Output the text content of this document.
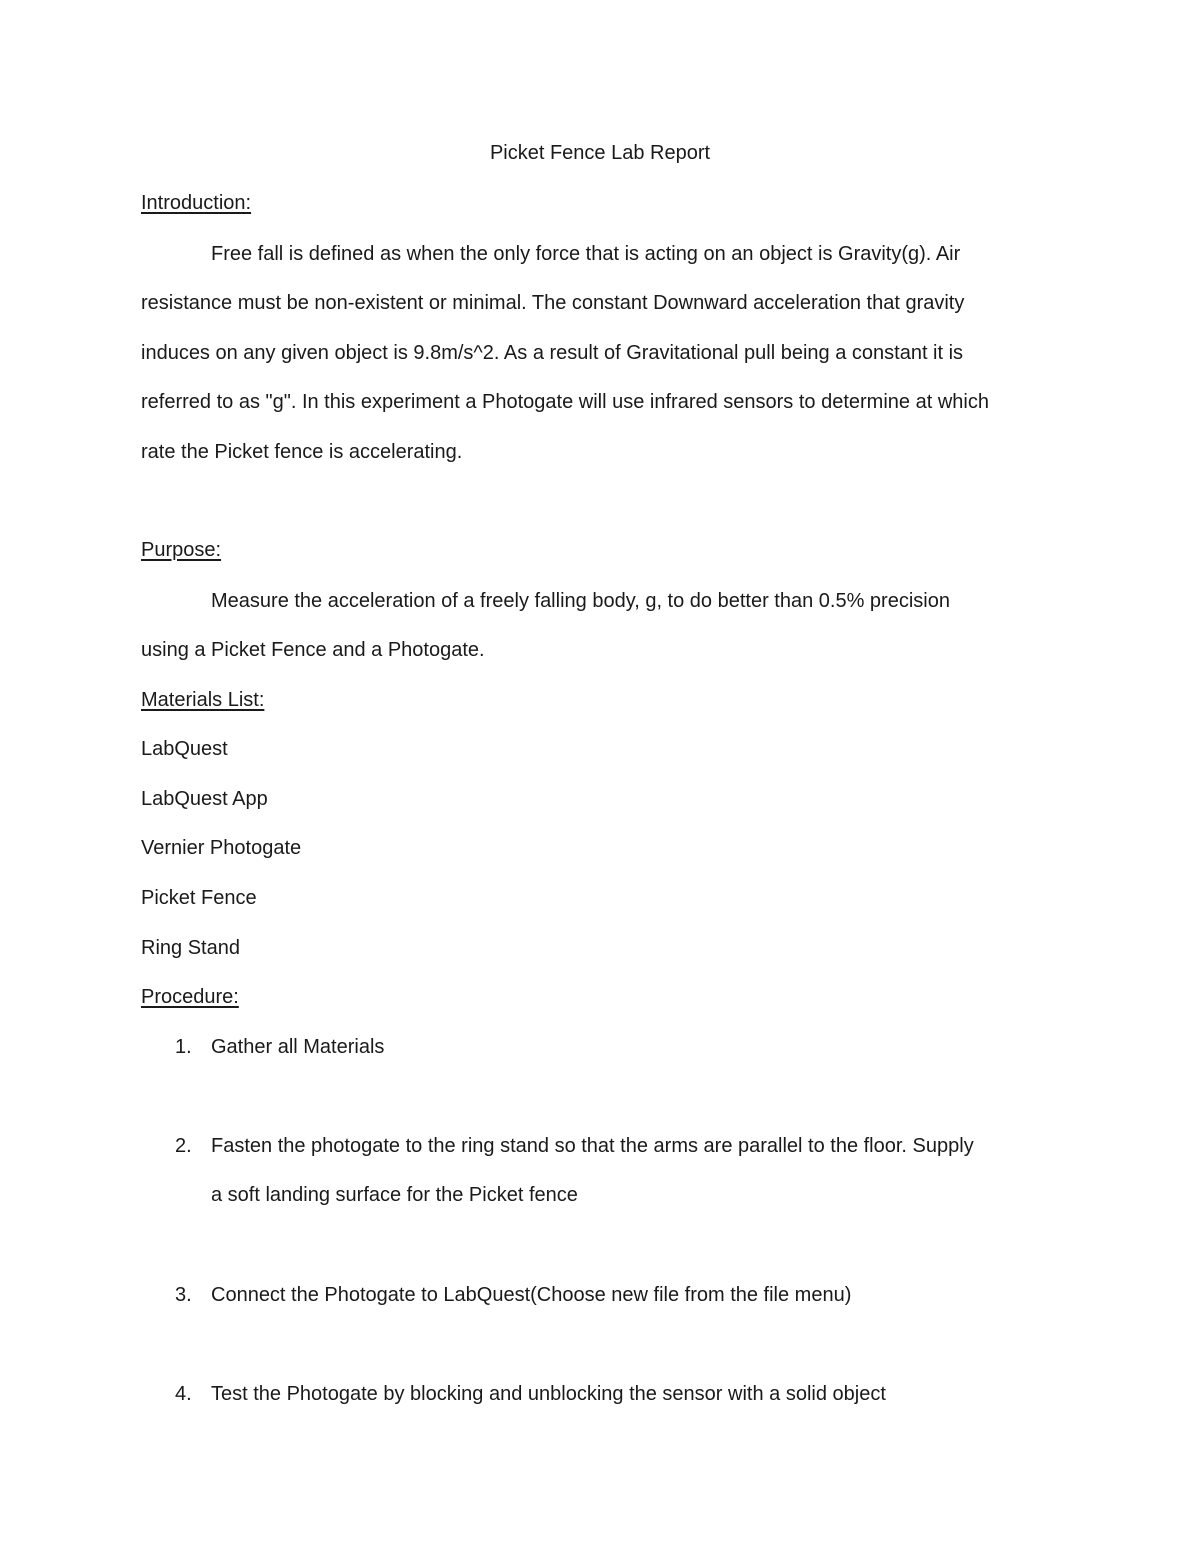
Picket Fence Lab Report
Introduction:
Free fall is defined as when the only force that is acting on an object is Gravity(g). Air
resistance must be non-existent or minimal. The constant Downward acceleration that gravity
induces on any given object is 9.8m/s^2. As a result of Gravitational pull being a constant it is
referred to as "g". In this experiment a Photogate will use infrared sensors to determine at which
rate the Picket fence is accelerating.
Purpose:
Measure the acceleration of a freely falling body, g, to do better than 0.5% precision
using a Picket Fence and a Photogate.
Materials List:
LabQuest
LabQuest App
Vernier Photogate
Picket Fence
Ring Stand
Procedure:
1. Gather all Materials
2. Fasten the photogate to the ring stand so that the arms are parallel to the floor. Supply
a soft landing surface for the Picket fence
3. Connect the Photogate to LabQuest(Choose new file from the file menu)
4. Test the Photogate by blocking and unblocking the sensor with a solid object
